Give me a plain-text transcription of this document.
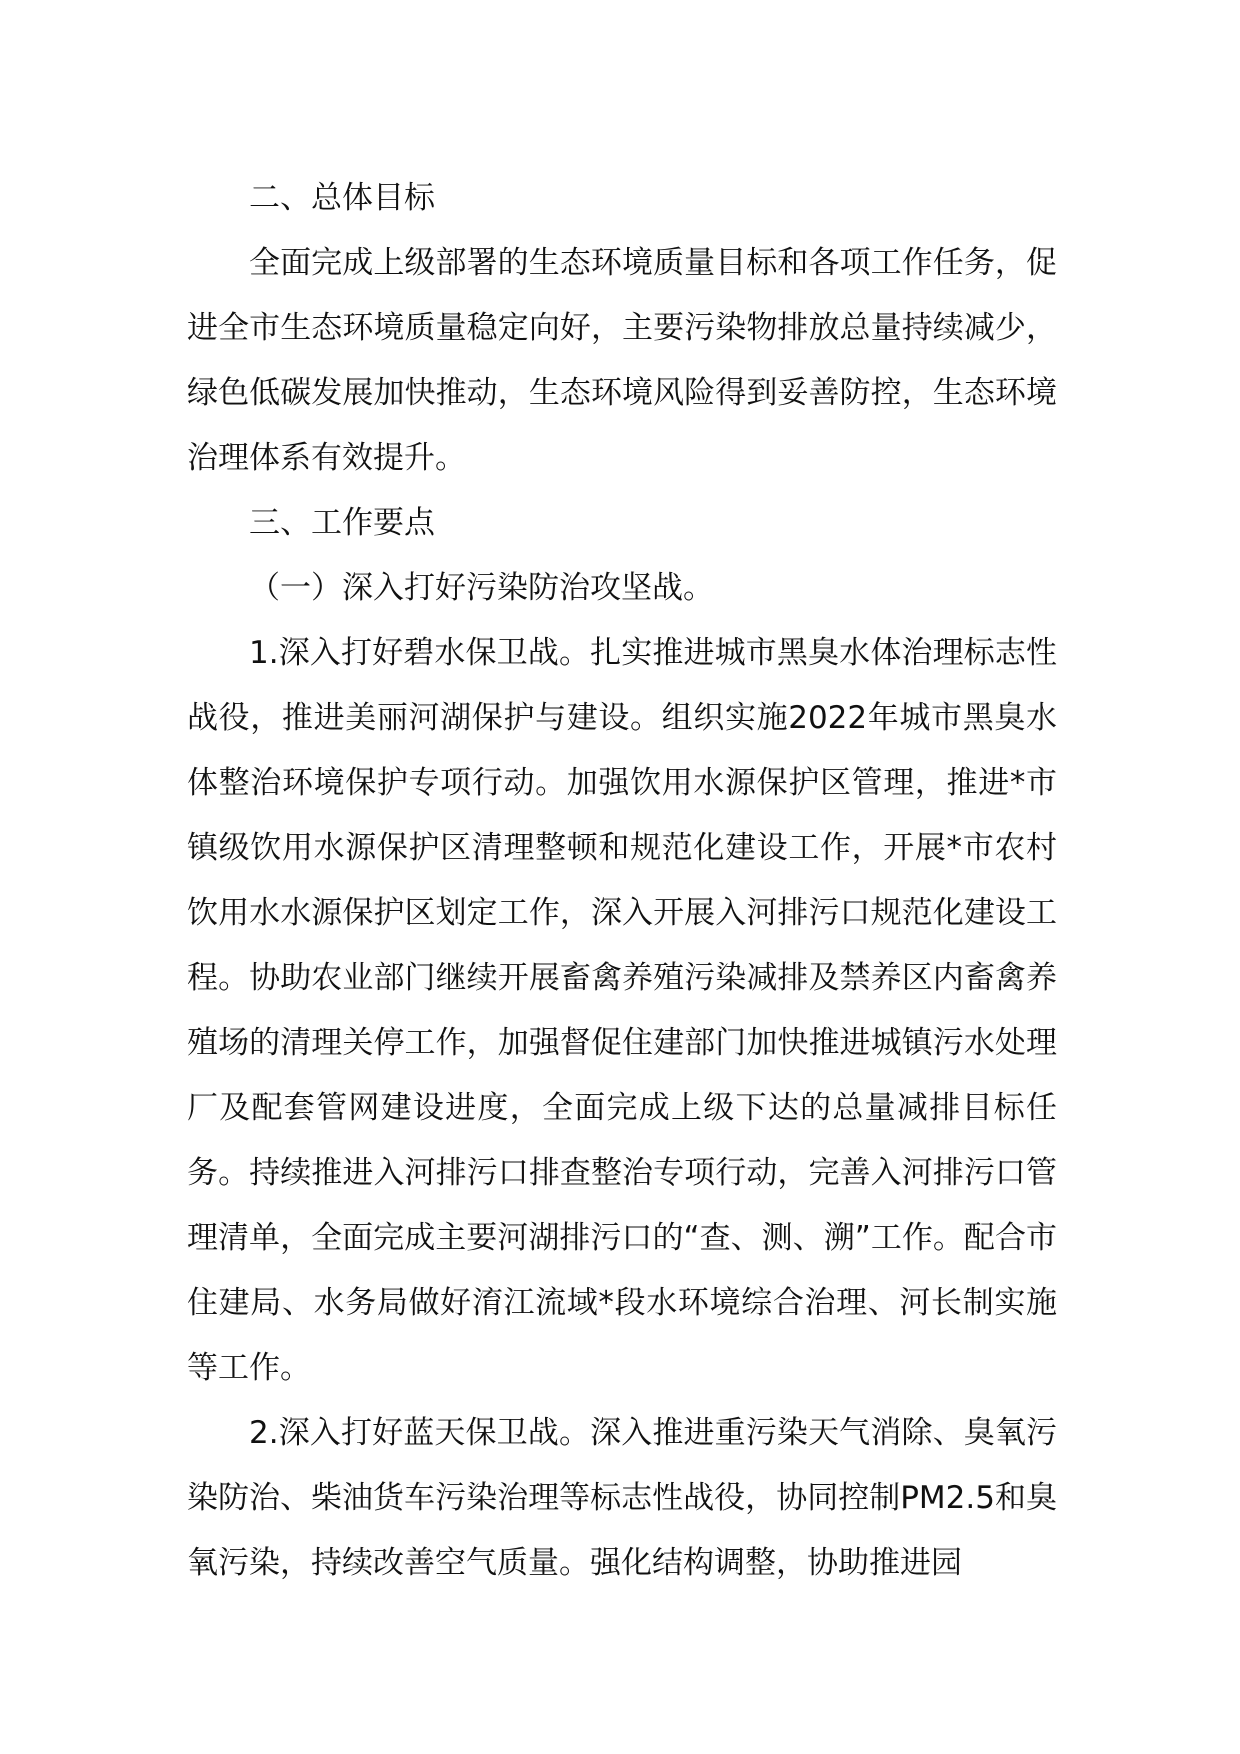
二、总体目标

全面完成上级部署的生态环境质量目标和各项工作任务，促进全市生态环境质量稳定向好，主要污染物排放总量持续减少，绿色低碳发展加快推动，生态环境风险得到妥善防控，生态环境治理体系有效提升。

三、工作要点

（一）深入打好污染防治攻坚战。

1.深入打好碧水保卫战。扎实推进城市黑臭水体治理标志性战役，推进美丽河湖保护与建设。组织实施2022年城市黑臭水体整治环境保护专项行动。加强饮用水源保护区管理，推进*市镇级饮用水源保护区清理整顿和规范化建设工作，开展*市农村饮用水水源保护区划定工作，深入开展入河排污口规范化建设工程。协助农业部门继续开展畜禽养殖污染减排及禁养区内畜禽养殖场的清理关停工作，加强督促住建部门加快推进城镇污水处理厂及配套管网建设进度，全面完成上级下达的总量减排目标任务。持续推进入河排污口排查整治专项行动，完善入河排污口管理清单，全面完成主要河湖排污口的“查、测、溯”工作。配合市住建局、水务局做好淯江流域*段水环境综合治理、河长制实施等工作。

2.深入打好蓝天保卫战。深入推进重污染天气消除、臭氧污染防治、柴油货车污染治理等标志性战役，协同控制PM2.5和臭氧污染，持续改善空气质量。强化结构调整，协助推进园
